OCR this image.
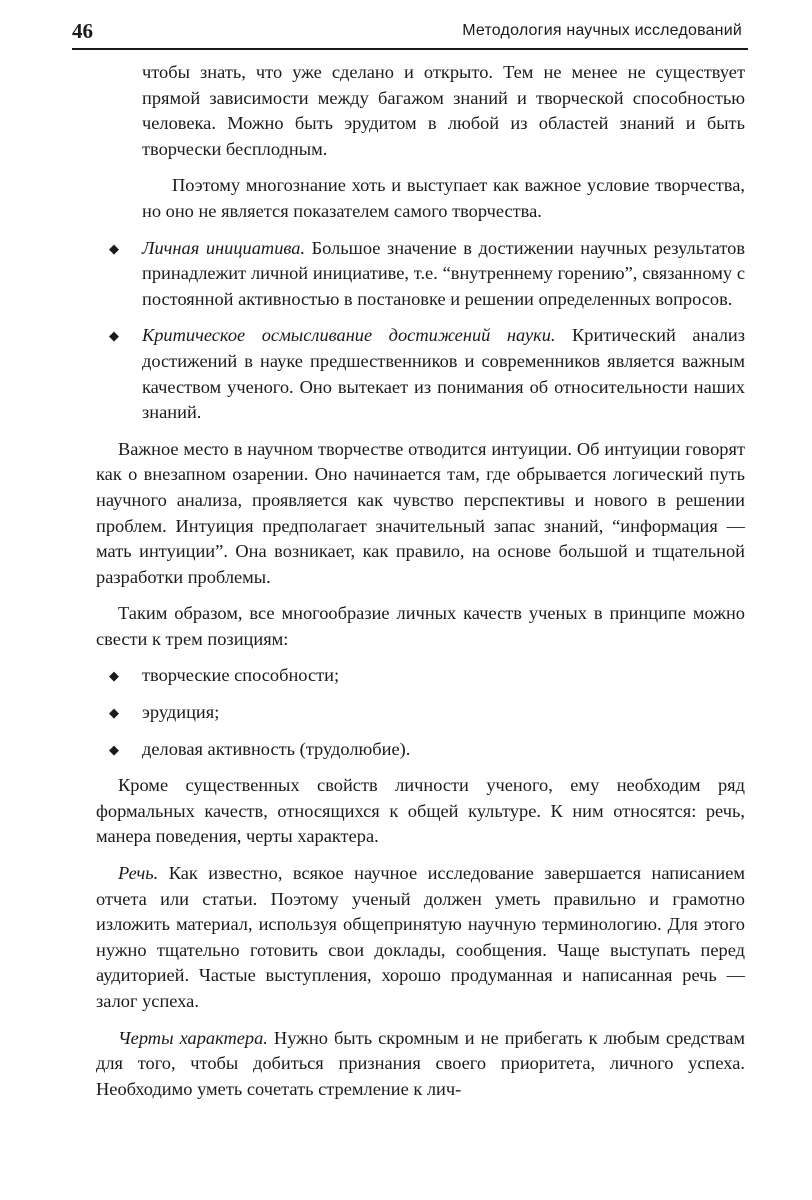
46	Методология научных исследований

чтобы знать, что уже сделано и открыто. Тем не менее не существует прямой зависимости между багажом знаний и творческой способностью человека. Можно быть эрудитом в любой из областей знаний и быть творчески бесплодным.

Поэтому многознание хоть и выступает как важное условие творчества, но оно не является показателем самого творчества.

◆ Личная инициатива. Большое значение в достижении научных результатов принадлежит личной инициативе, т.е. “внутреннему горению”, связанному с постоянной активностью в постановке и решении определенных вопросов.
◆ Критическое осмысливание достижений науки. Критический анализ достижений в науке предшественников и современников является важным качеством ученого. Оно вытекает из понимания об относительности наших знаний.

Важное место в научном творчестве отводится интуиции. Об интуиции говорят как о внезапном озарении. Оно начинается там, где обрывается логический путь научного анализа, проявляется как чувство перспективы и нового в решении проблем. Интуиция предполагает значительный запас знаний, “информация — мать интуиции”. Она возникает, как правило, на основе большой и тщательной разработки проблемы.

Таким образом, все многообразие личных качеств ученых в принципе можно свести к трем позициям:

◆ творческие способности;
◆ эрудиция;
◆ деловая активность (трудолюбие).

Кроме существенных свойств личности ученого, ему необходим ряд формальных качеств, относящихся к общей культуре. К ним относятся: речь, манера поведения, черты характера.

Речь. Как известно, всякое научное исследование завершается написанием отчета или статьи. Поэтому ученый должен уметь правильно и грамотно изложить материал, используя общепринятую научную терминологию. Для этого нужно тщательно готовить свои доклады, сообщения. Чаще выступать перед аудиторией. Частые выступления, хорошо продуманная и написанная речь — залог успеха.

Черты характера. Нужно быть скромным и не прибегать к любым средствам для того, чтобы добиться признания своего приоритета, личного успеха. Необходимо уметь сочетать стремление к лич-
